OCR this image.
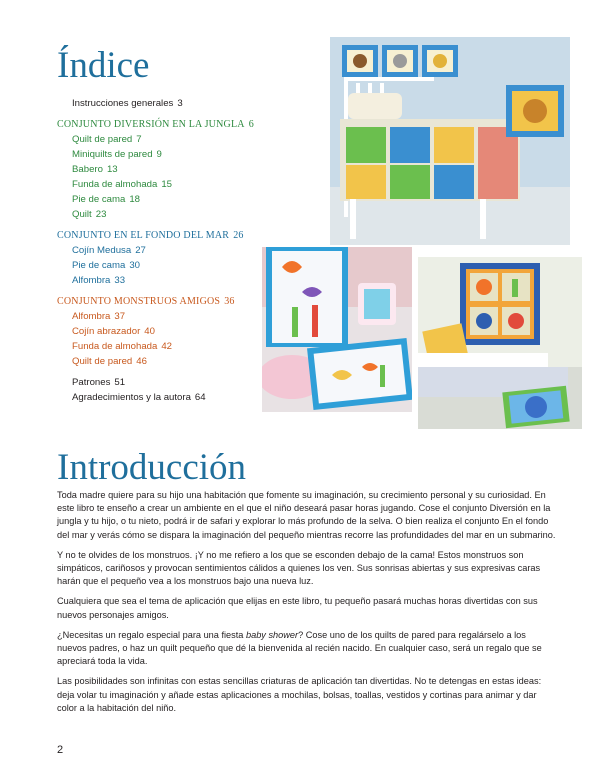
Índice
Instrucciones generales 3
CONJUNTO DIVERSIÓN EN LA JUNGLA 6
Quilt de pared 7
Miniquilts de pared 9
Babero 13
Funda de almohada 15
Pie de cama 18
Quilt 23
CONJUNTO EN EL FONDO DEL MAR 26
Cojín Medusa 27
Pie de cama 30
Alfombra 33
CONJUNTO MONSTRUOS AMIGOS 36
Alfombra 37
Cojín abrazador 40
Funda de almohada 42
Quilt de pared 46
Patrones 51
Agradecimientos y la autora 64
Introducción

Toda madre quiere para su hijo una habitación que fomente su imaginación, su crecimiento personal y su curiosidad. En este libro te enseño a crear un ambiente en el que el niño deseará pasar horas jugando. Cose el conjunto Diversión en la jungla y tu hijo, o tu nieto, podrá ir de safari y explorar lo más profundo de la selva. O bien realiza el conjunto En el fondo del mar y verás cómo se dispara la imaginación del pequeño mientras recorre las profundidades del mar en un submarino.

Y no te olvides de los monstruos. ¡Y no me refiero a los que se esconden debajo de la cama! Estos monstruos son simpáticos, cariñosos y provocan sentimientos cálidos a quienes los ven. Sus sonrisas abiertas y sus expresivas caras harán que el pequeño vea a los monstruos bajo una nueva luz.

Cualquiera que sea el tema de aplicación que elijas en este libro, tu pequeño pasará muchas horas divertidas con sus nuevos personajes amigos.

¿Necesitas un regalo especial para una fiesta baby shower? Cose uno de los quilts de pared para regalárselo a los nuevos padres, o haz un quilt pequeño que dé la bienvenida al recién nacido. En cualquier caso, será un regalo que se apreciará toda la vida.

Las posibilidades son infinitas con estas sencillas criaturas de aplicación tan divertidas. No te detengas en estas ideas: deja volar tu imaginación y añade estas aplicaciones a mochilas, bolsas, toallas, vestidos y cortinas para animar y dar color a la habitación del niño.

2
